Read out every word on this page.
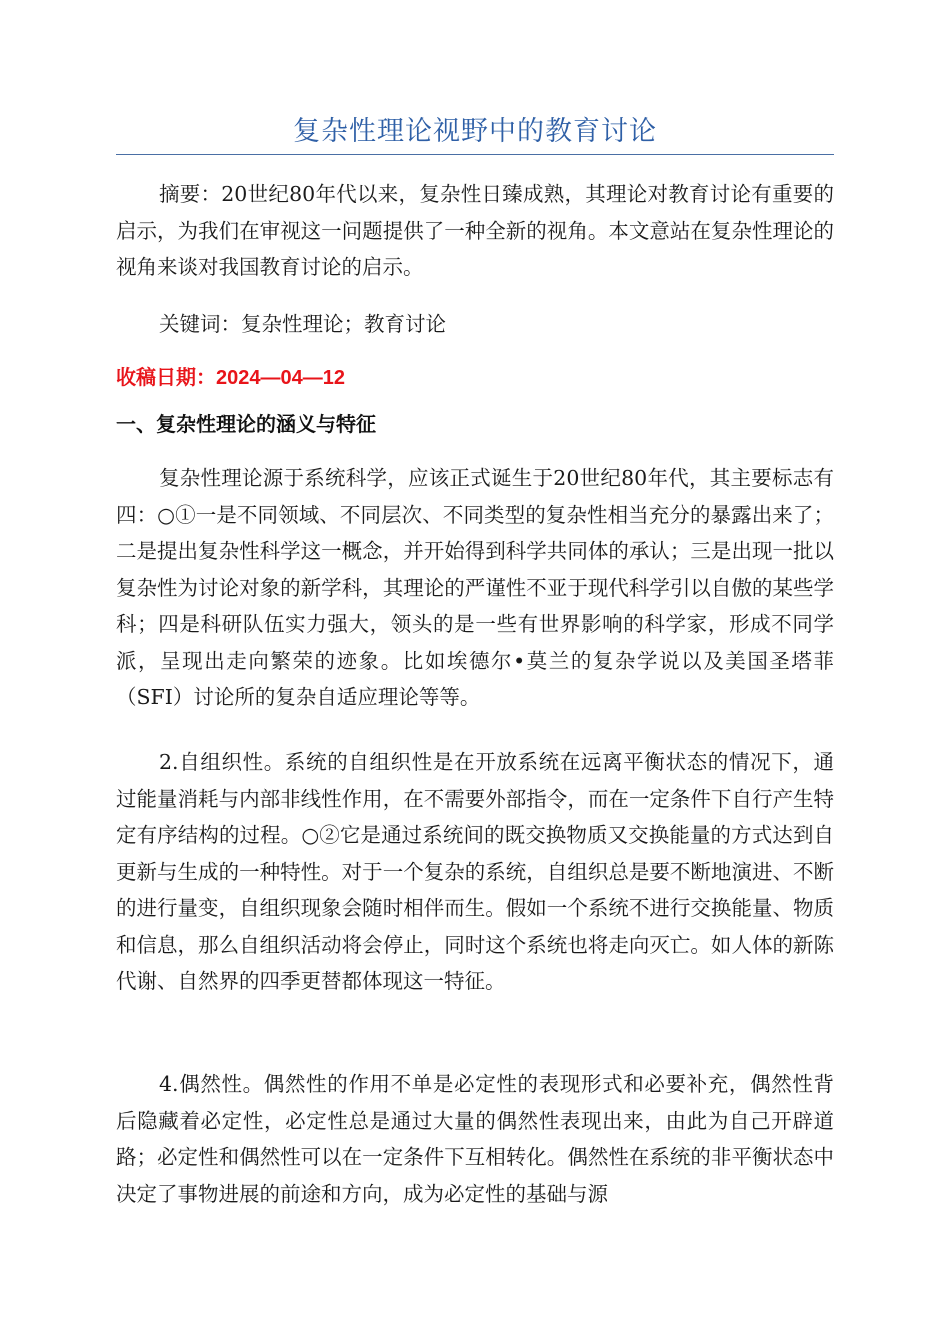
复杂性理论视野中的教育讨论

摘要：20世纪80年代以来，复杂性日臻成熟，其理论对教育讨论有重要的启示，为我们在审视这一问题提供了一种全新的视角。本文意站在复杂性理论的视角来谈对我国教育讨论的启示。

关键词：复杂性理论；教育讨论

收稿日期：2024—04—12
一、复杂性理论的涵义与特征

复杂性理论源于系统科学，应该正式诞生于20世纪80年代，其主要标志有四：○①一是不同领域、不同层次、不同类型的复杂性相当充分的暴露出来了；二是提出复杂性科学这一概念，并开始得到科学共同体的承认；三是出现一批以复杂性为讨论对象的新学科，其理论的严谨性不亚于现代科学引以自傲的某些学科；四是科研队伍实力强大，领头的是一些有世界影响的科学家，形成不同学派，呈现出走向繁荣的迹象。比如埃德尔•莫兰的复杂学说以及美国圣塔菲（SFI）讨论所的复杂自适应理论等等。

2.自组织性。系统的自组织性是在开放系统在远离平衡状态的情况下，通过能量消耗与内部非线性作用，在不需要外部指令，而在一定条件下自行产生特定有序结构的过程。○②它是通过系统间的既交换物质又交换能量的方式达到自更新与生成的一种特性。对于一个复杂的系统，自组织总是要不断地演进、不断的进行量变，自组织现象会随时相伴而生。假如一个系统不进行交换能量、物质和信息，那么自组织活动将会停止，同时这个系统也将走向灭亡。如人体的新陈代谢、自然界的四季更替都体现这一特征。

4.偶然性。偶然性的作用不单是必定性的表现形式和必要补充，偶然性背后隐藏着必定性，必定性总是通过大量的偶然性表现出来，由此为自己开辟道路；必定性和偶然性可以在一定条件下互相转化。偶然性在系统的非平衡状态中决定了事物进展的前途和方向，成为必定性的基础与源
